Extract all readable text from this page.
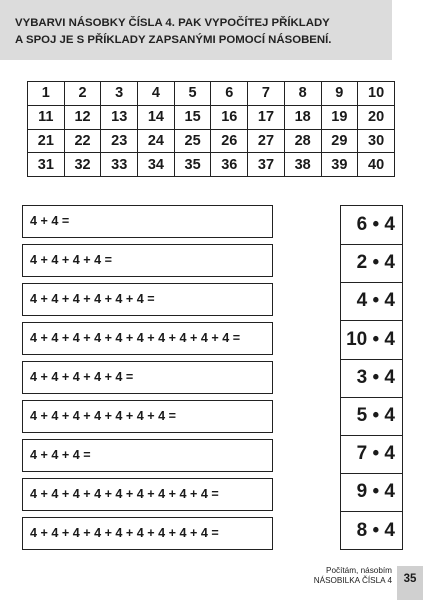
VYBARVI NÁSOBKY ČÍSLA 4. PAK VYPOČÍTEJ PŘÍKLADY
A SPOJ JE S PŘÍKLADY ZAPSANÝMI POMOCÍ NÁSOBENÍ.
1	2	3	4	5	6	7	8	9	10
11	12	13	14	15	16	17	18	19	20
21	22	23	24	25	26	27	28	29	30
31	32	33	34	35	36	37	38	39	40
4 + 4 =
4 + 4 + 4 + 4 =
4 + 4 + 4 + 4 + 4 + 4 =
4 + 4 + 4 + 4 + 4 + 4 + 4 + 4 + 4 + 4 =
4 + 4 + 4 + 4 + 4 =
4 + 4 + 4 + 4 + 4 + 4 + 4 =
4 + 4 + 4 =
4 + 4 + 4 + 4 + 4 + 4 + 4 + 4 + 4 =
4 + 4 + 4 + 4 + 4 + 4 + 4 + 4 + 4 =
6 • 4
2 • 4
4 • 4
10 • 4
3 • 4
5 • 4
7 • 4
9 • 4
8 • 4
Počítám, násobím
NÁSOBILKA ČÍSLA 4	35
